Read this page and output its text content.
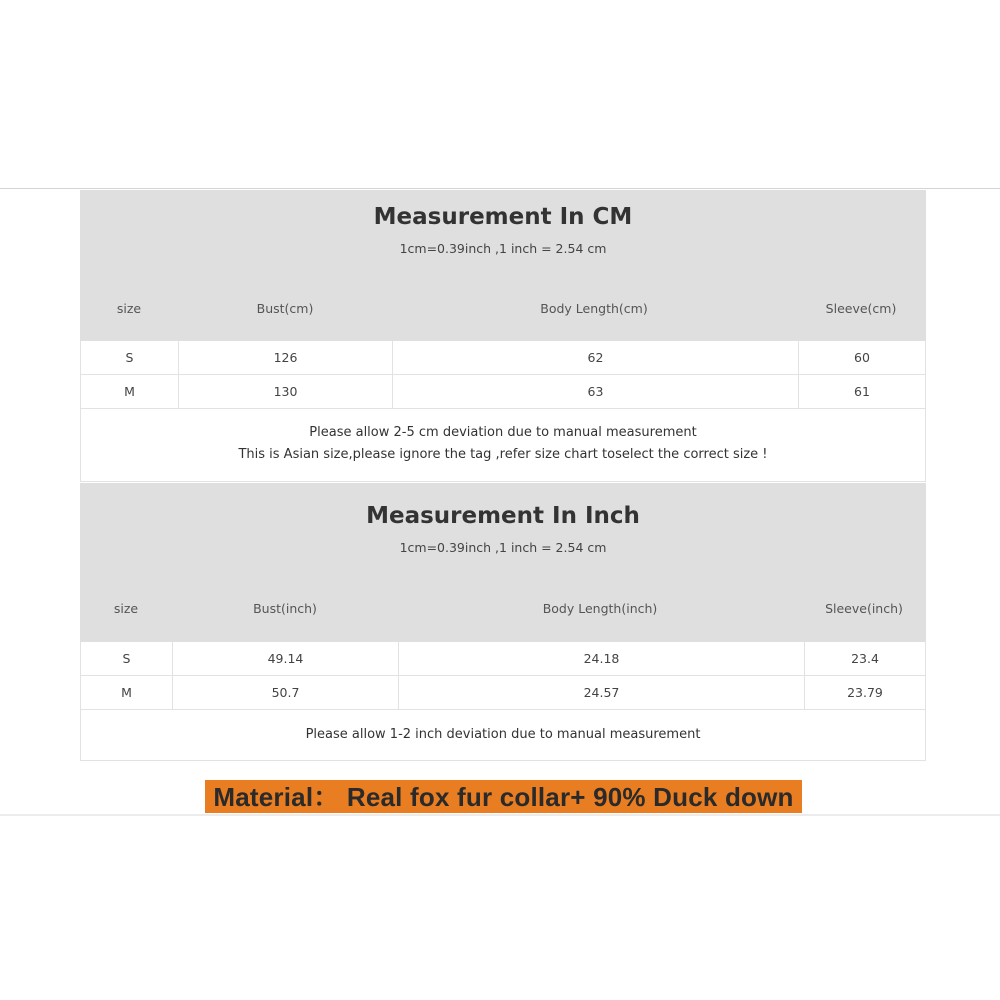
Measurement In CM
1cm=0.39inch ,1 inch = 2.54 cm
size	Bust(cm)	Body Length(cm)	Sleeve(cm)
S	126	62	60
M	130	63	61
Please allow 2-5 cm deviation due to manual measurement
This is Asian size,please ignore the tag ,refer size chart toselect the correct size !
Measurement In Inch
1cm=0.39inch ,1 inch = 2.54 cm
size	Bust(inch)	Body Length(inch)	Sleeve(inch)
S	49.14	24.18	23.4
M	50.7	24.57	23.79
Please allow 1-2 inch deviation due to manual measurement
Material： Real fox fur collar+ 90% Duck down
